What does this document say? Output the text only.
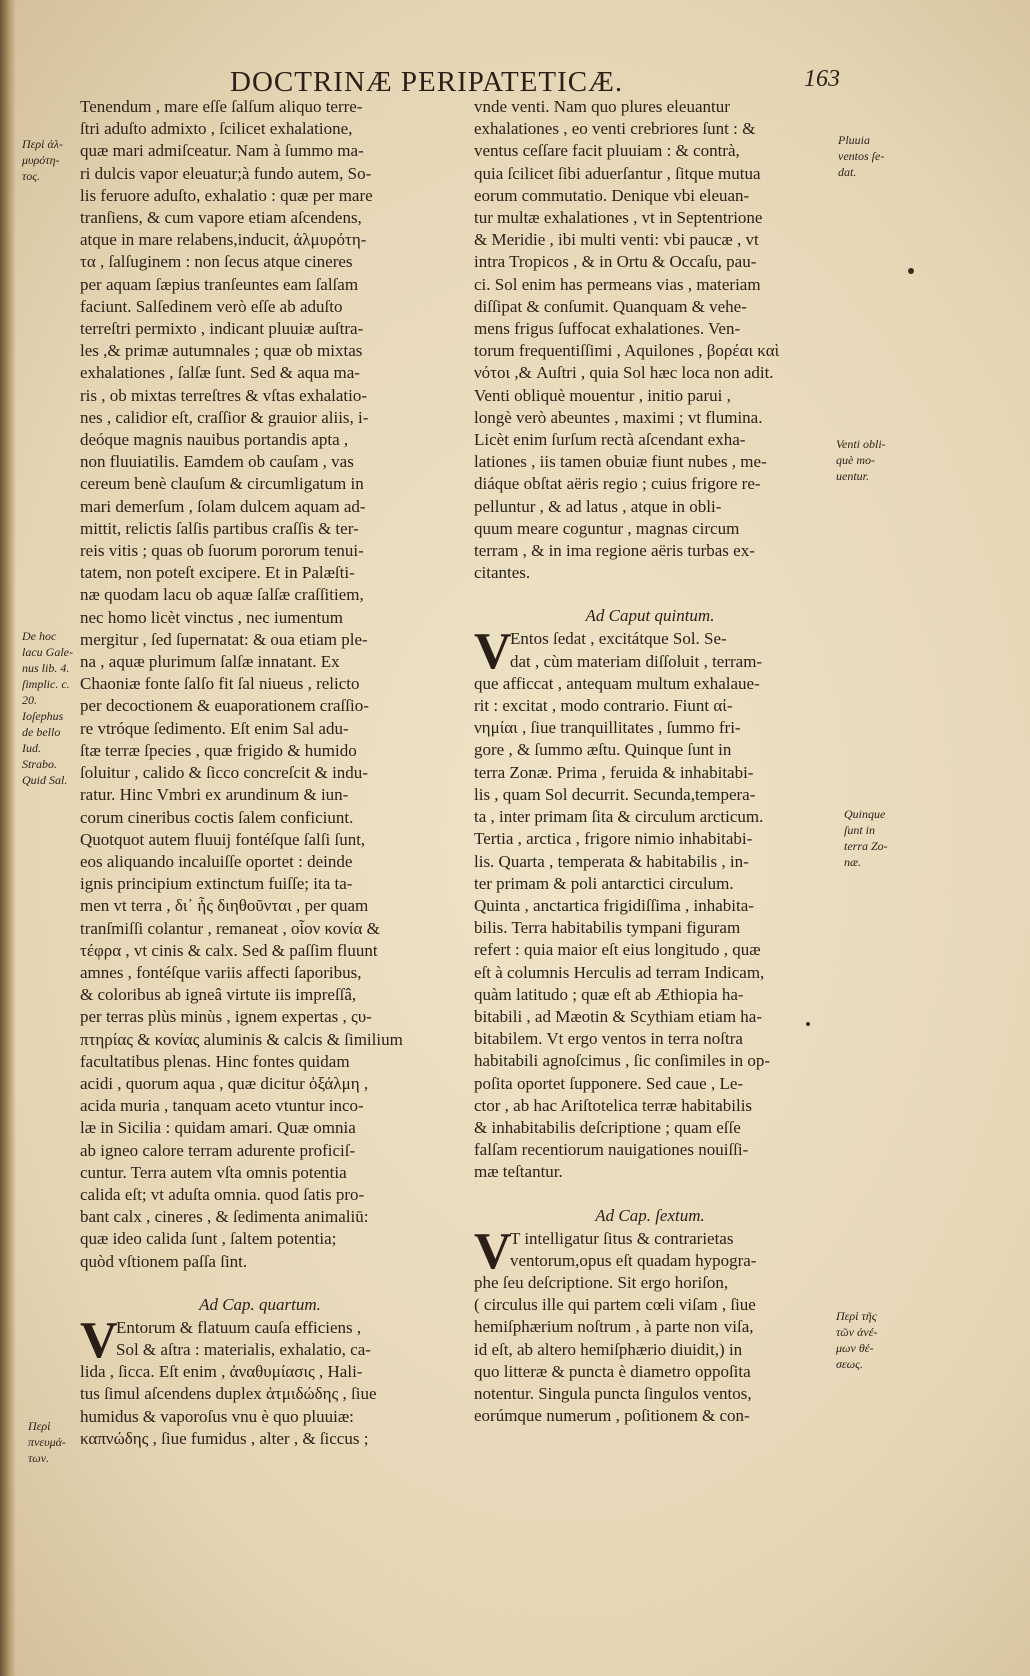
DOCTRINÆ PERIPATETICÆ.	163
Tenendum , mare eſſe ſalſum aliquo terre-
ſtri aduſto admixto , ſcilicet exhalatione,
quæ mari admiſceatur. Nam à ſummo ma-
ri dulcis vapor eleuatur;à fundo autem, So-
lis feruore aduſto, exhalatio : quæ per mare
tranſiens, & cum vapore etiam aſcendens,
atque in mare relabens,inducit, ἁλμυρότη-
τα , ſalſuginem : non ſecus atque cineres
per aquam ſæpius tranſeuntes eam ſalſam
faciunt. Salſedinem verò eſſe ab aduſto
terreſtri permixto , indicant pluuiæ auſtra-
les ,& primæ autumnales ; quæ ob mixtas
exhalationes , ſalſæ ſunt. Sed & aqua ma-
ris , ob mixtas terreſtres & vſtas exhalatio-
nes , calidior eſt, craſſior & grauior aliis, i-
deóque magnis nauibus portandis apta ,
non fluuiatilis. Eamdem ob cauſam , vas
cereum benè clauſum & circumligatum in
mari demerſum , ſolam dulcem aquam ad-
mittit, relictis ſalſis partibus craſſis & ter-
reis vitis ; quas ob ſuorum pororum tenui-
tatem, non poteſt excipere. Et in Palæſti-
næ quodam lacu ob aquæ ſalſæ craſſitiem,
nec homo licèt vinctus , nec iumentum
mergitur , ſed ſupernatat: & oua etiam ple-
na , aquæ plurimum ſalſæ innatant. Ex
Chaoniæ fonte ſalſo fit ſal niueus , relicto
per decoctionem & euaporationem craſſio-
re vtróque ſedimento. Eſt enim Sal adu-
ſtæ terræ ſpecies , quæ frigido & humido
ſoluitur , calido & ſicco concreſcit & indu-
ratur. Hinc Vmbri ex arundinum & iun-
corum cineribus coctis ſalem conficiunt.
Quotquot autem fluuij fontéſque ſalſi ſunt,
eos aliquando incaluiſſe oportet : deinde
ignis principium extinctum fuiſſe; ita ta-
men vt terra , δι᾽ ἧς διηθοῦνται , per quam
tranſmiſſi colantur , remaneat , οἷον κονία &
τέφρα , vt cinis & calx. Sed & paſſim fluunt
amnes , fontéſque variis affecti ſaporibus,
& coloribus ab igneâ virtute iis impreſſâ,
per terras plùs minùs , ignem expertas , ςυ-
πτηρίας & κονίας aluminis & calcis & ſimilium
facultatibus plenas. Hinc fontes quidam
acidi , quorum aqua , quæ dicitur ὀξάλμη ,
acida muria , tanquam aceto vtuntur inco-
læ in Sicilia : quidam amari. Quæ omnia
ab igneo calore terram adurente proficiſ-
cuntur. Terra autem vſta omnis potentia
calida eſt; vt aduſta omnia. quod ſatis pro-
bant calx , cineres , & ſedimenta animaliū:
quæ ideo calida ſunt , ſaltem potentia;
quòd vſtionem paſſa ſint.
Ad Cap. quartum.
V
Entorum & flatuum cauſa efficiens ,
Sol & aſtra : materialis, exhalatio, ca-
lida , ſicca. Eſt enim , ἀναθυμίασις , Hali-
tus ſimul aſcendens duplex ἀτμιδώδης , ſiue
humidus & vaporoſus vnu è quo pluuiæ:
καπνώδης , ſiue fumidus , alter , & ſiccus ;
vnde venti. Nam quo plures eleuantur
exhalationes , eo venti crebriores ſunt : &
ventus ceſſare facit pluuiam : & contrà,
quia ſcilicet ſibi aduerſantur , ſitque mutua
eorum commutatio. Denique vbi eleuan-
tur multæ exhalationes , vt in Septentrione
& Meridie , ibi multi venti: vbi paucæ , vt
intra Tropicos , & in Ortu & Occaſu, pau-
ci. Sol enim has permeans vias , materiam
diſſipat & conſumit. Quanquam & vehe-
mens frigus ſuffocat exhalationes. Ven-
torum frequentiſſimi , Aquilones , βορέαι καὶ
νότοι ,& Auſtri , quia Sol hæc loca non adit.
Venti obliquè mouentur , initio parui ,
longè verò abeuntes , maximi ; vt flumina.
Licèt enim ſurſum rectà aſcendant exha-
lationes , iis tamen obuiæ fiunt nubes , me-
diáque obſtat aëris regio ; cuius frigore re-
pelluntur , & ad latus , atque in obli-
quum meare coguntur , magnas circum
terram , & in ima regione aëris turbas ex-
citantes.
Ad Caput quintum.
V
Entos ſedat , excitátque Sol. Se-
dat , cùm materiam diſſoluit , terram-
que afficcat , antequam multum exhalaue-
rit : excitat , modo contrario. Fiunt αἰ-
νημίαι , ſiue tranquillitates , ſummo fri-
gore , & ſummo æſtu. Quinque ſunt in
terra Zonæ. Prima , feruida & inhabitabi-
lis , quam Sol decurrit. Secunda,tempera-
ta , inter primam ſita & circulum arcticum.
Tertia , arctica , frigore nimio inhabitabi-
lis. Quarta , temperata & habitabilis , in-
ter primam & poli antarctici circulum.
Quinta , anctartica frigidiſſima , inhabita-
bilis. Terra habitabilis tympani figuram
refert : quia maior eſt eius longitudo , quæ
eſt à columnis Herculis ad terram Indicam,
quàm latitudo ; quæ eſt ab Æthiopia ha-
bitabili , ad Mæotin & Scythiam etiam ha-
bitabilem. Vt ergo ventos in terra noſtra
habitabili agnoſcimus , ſic conſimiles in op-
poſita oportet ſupponere. Sed caue , Le-
ctor , ab hac Ariſtotelica terræ habitabilis
& inhabitabilis deſcriptione ; quam eſſe
falſam recentiorum nauigationes nouiſſi-
mæ teſtantur.
Ad Cap. ſextum.
V
T intelligatur ſitus & contrarietas
ventorum,opus eſt quadam hypogra-
phe ſeu deſcriptione. Sit ergo horiſon,
( circulus ille qui partem cœli viſam , ſiue
hemiſphærium noſtrum , à parte non viſa,
id eſt, ab altero hemiſphærio diuidit,) in
quo litteræ & puncta è diametro oppoſita
notentur. Singula puncta ſingulos ventos,
eorúmque numerum , poſitionem & con-
Περὶ ἁλ-
μυρότη-
τος.
De hoc
lacu Gale-
nus lib. 4.
ſimplic. c.
20.
Ioſephus
de bello
Iud.
Strabo.
Quid Sal.
Περὶ
πνευμά-
των.
Pluuia
ventos ſe-
dat.
Venti obli-
què mo-
uentur.
Quinque
ſunt in
terra Zo-
næ.
Περὶ τῆς
τῶν ἀνέ-
μων θέ-
σεως.
